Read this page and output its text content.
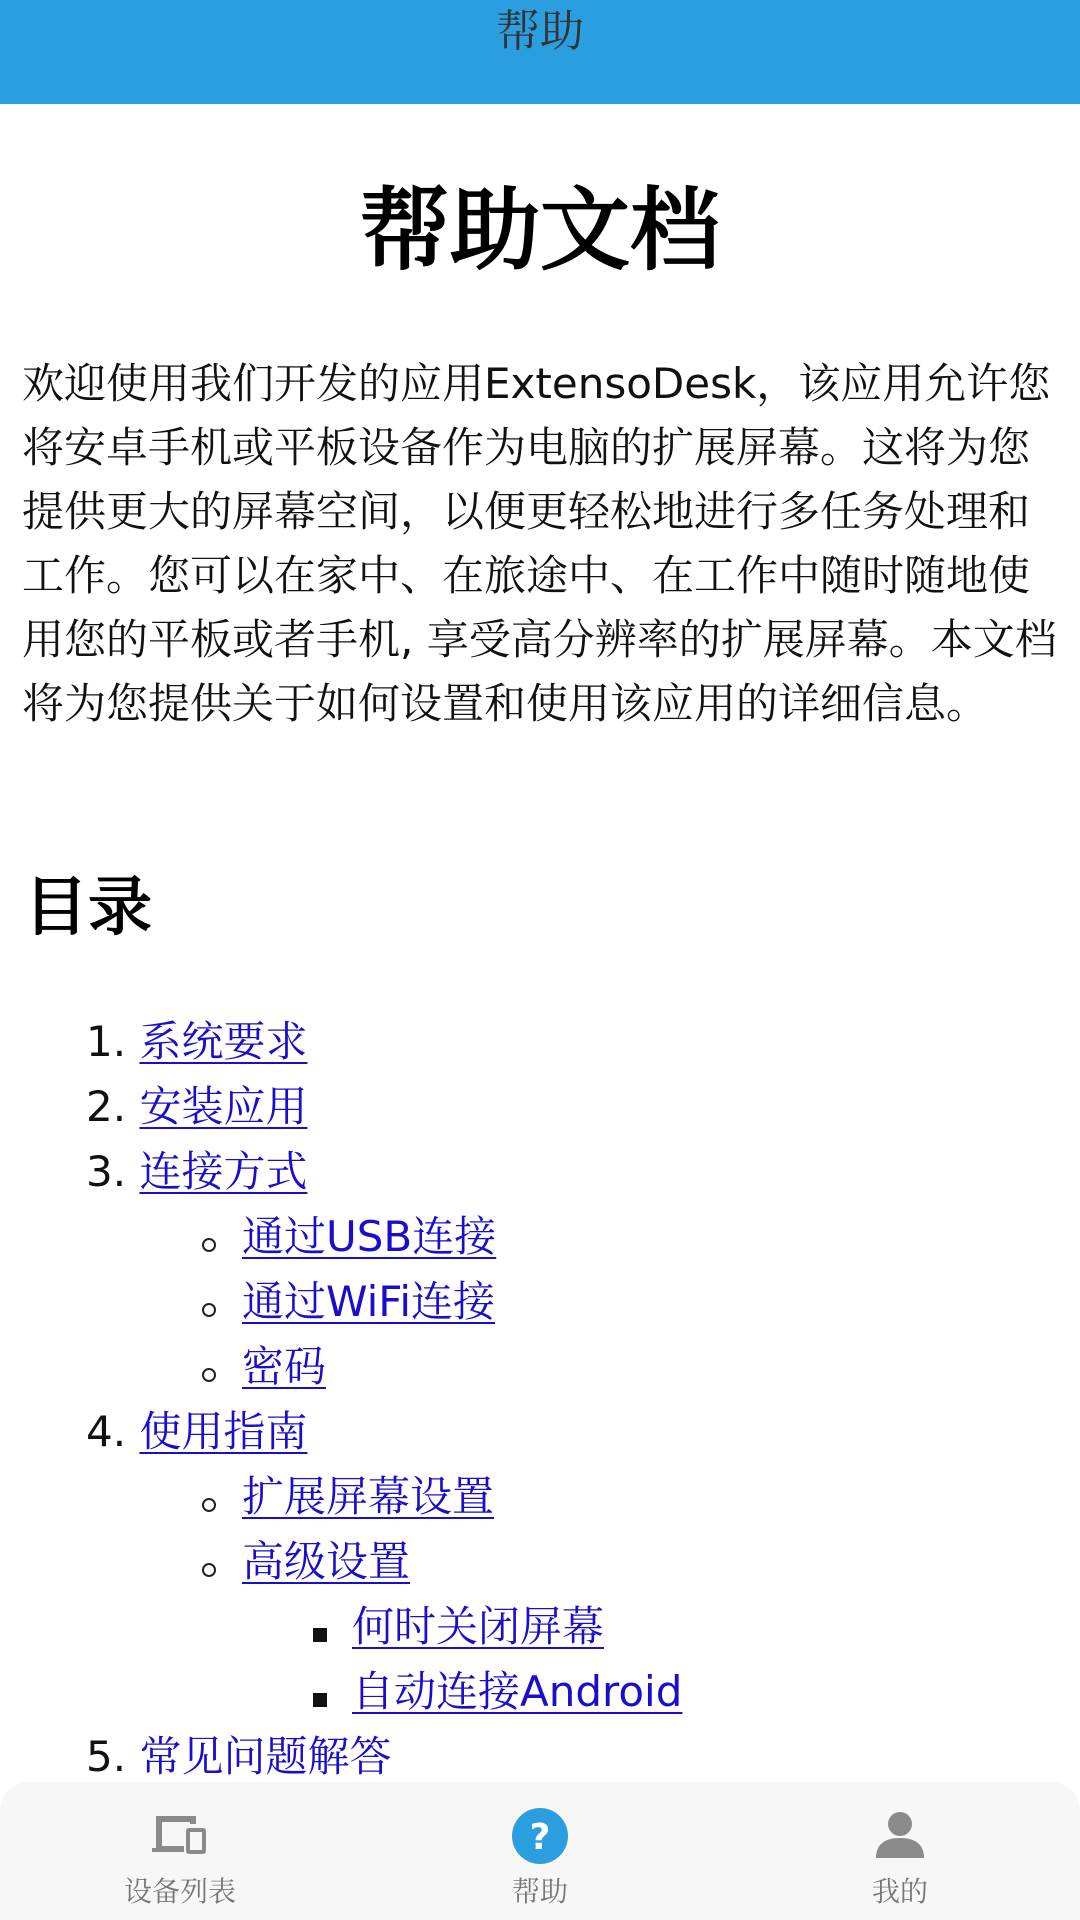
帮助
帮助文档

欢迎使用我们开发的应用ExtensoDesk，该应用允许您将安卓手机或平板设备作为电脑的扩展屏幕。这将为您提供更大的屏幕空间，以便更轻松地进行多任务处理和工作。您可以在家中、在旅途中、在工作中随时随地使用您的平板或者手机, 享受高分辨率的扩展屏幕。本文档将为您提供关于如何设置和使用该应用的详细信息。

目录
1. 系统要求
2. 安装应用
3. 连接方式
通过USB连接
通过WiFi连接
密码
4. 使用指南
扩展屏幕设置
高级设置
何时关闭屏幕
自动连接Android
5. 常见问题解答
设备列表
?
帮助	我的
